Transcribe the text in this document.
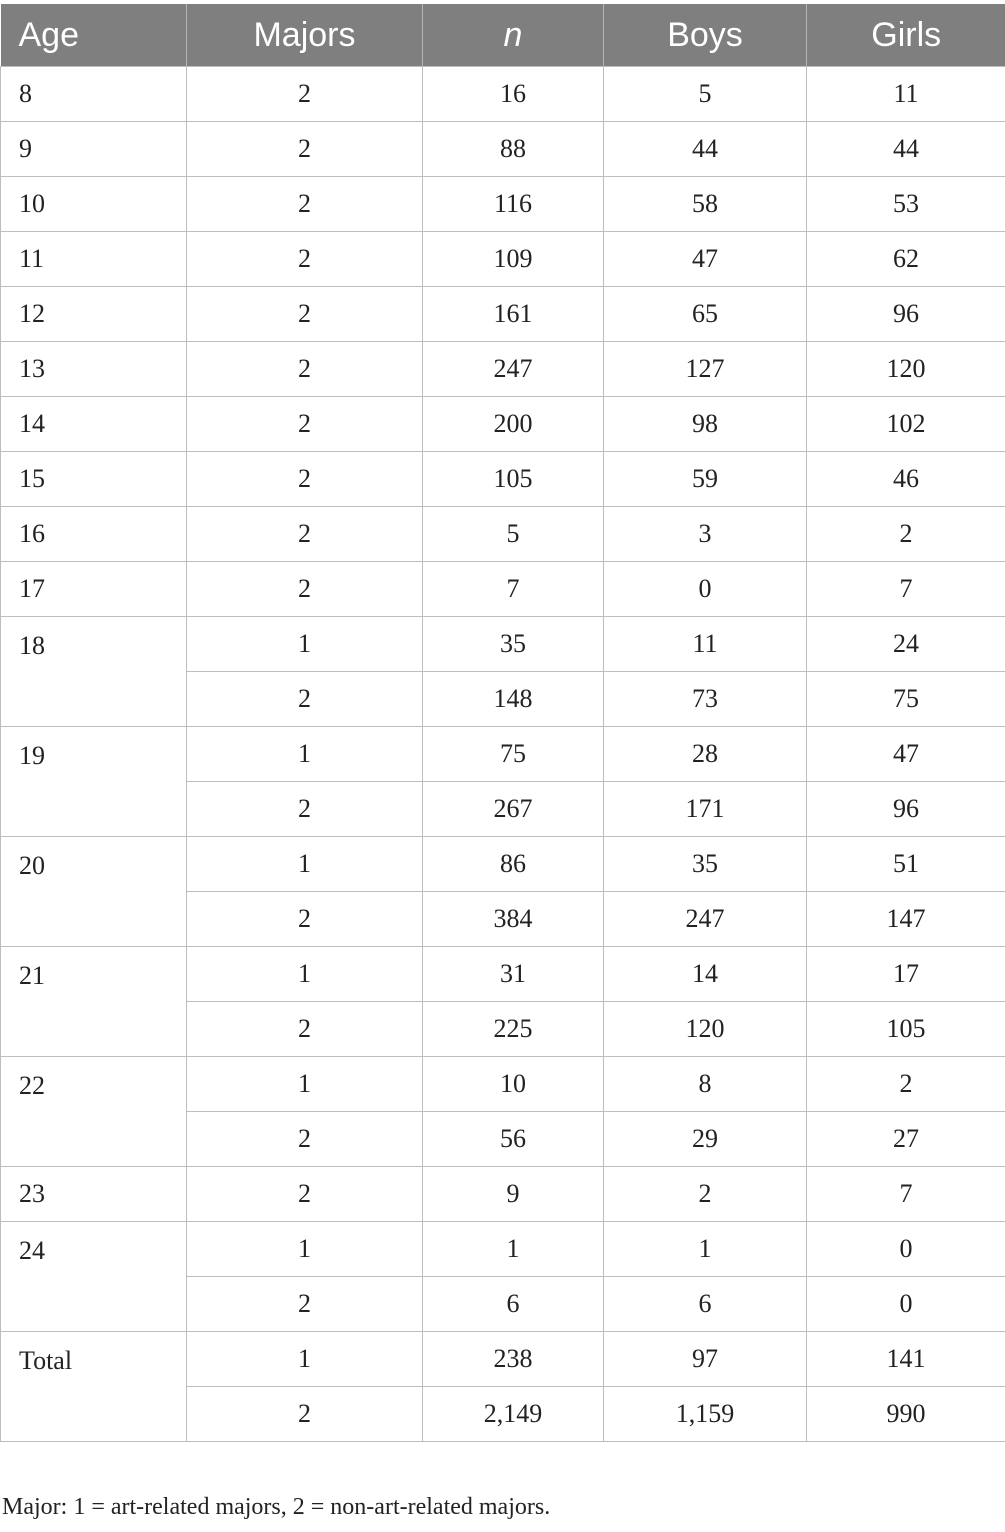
Age	Majors	n	Boys	Girls
8	2	16	5	11
9	2	88	44	44
10	2	116	58	53
11	2	109	47	62
12	2	161	65	96
13	2	247	127	120
14	2	200	98	102
15	2	105	59	46
16	2	5	3	2
17	2	7	0	7
18	1	35	11	24
	2	148	73	75
19	1	75	28	47
	2	267	171	96
20	1	86	35	51
	2	384	247	147
21	1	31	14	17
	2	225	120	105
22	1	10	8	2
	2	56	29	27
23	2	9	2	7
24	1	1	1	0
	2	6	6	0
Total	1	238	97	141
	2	2,149	1,159	990

Major: 1 = art-related majors, 2 = non-art-related majors.
